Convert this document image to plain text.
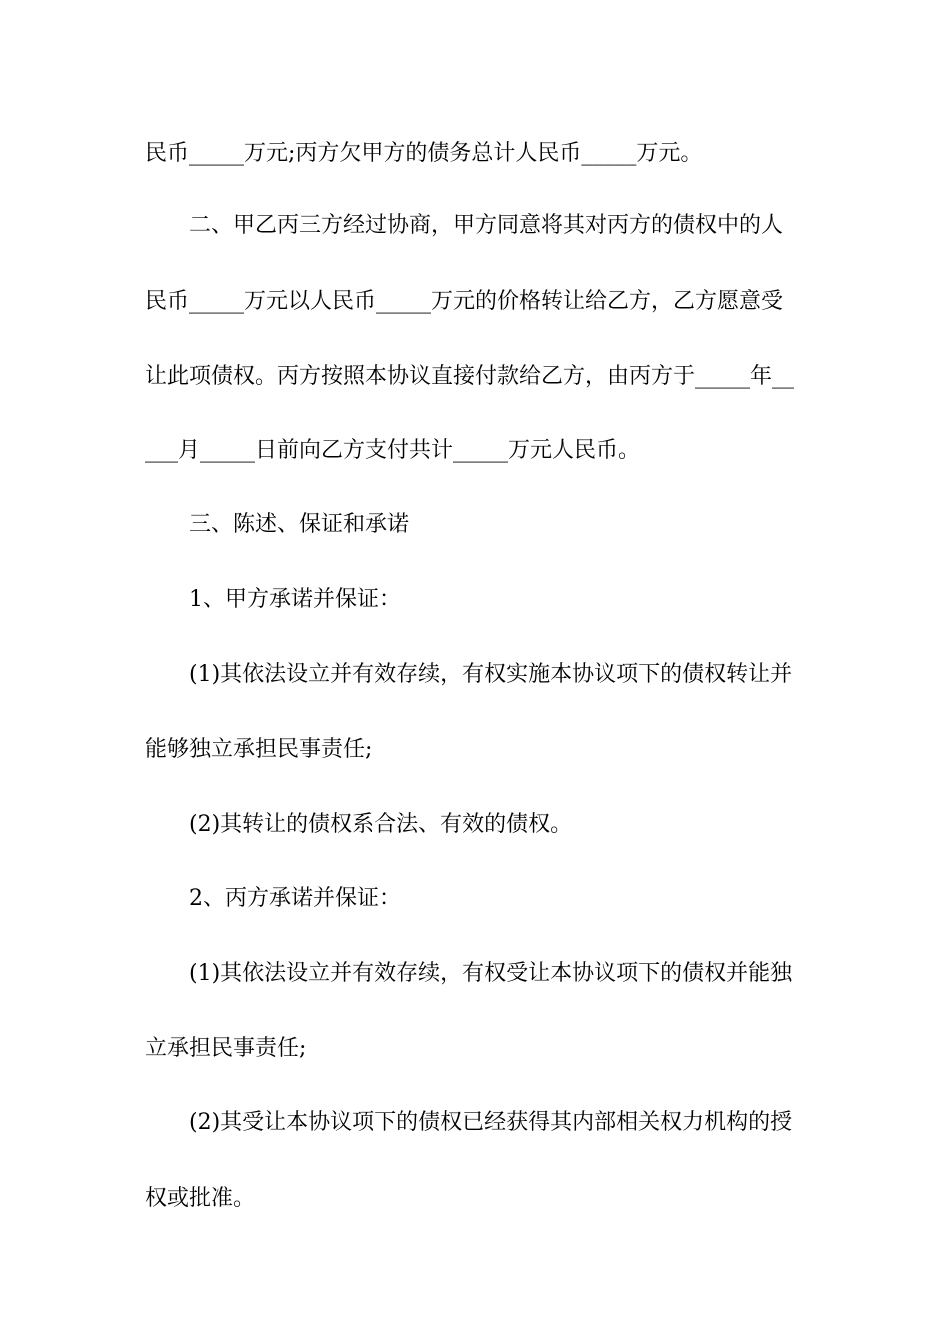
民币_____万元;丙方欠甲方的债务总计人民币_____万元。
二、甲乙丙三方经过协商，甲方同意将其对丙方的债权中的人
民币_____万元以人民币_____万元的价格转让给乙方，乙方愿意受
让此项债权。丙方按照本协议直接付款给乙方，由丙方于_____年__
___月_____日前向乙方支付共计_____万元人民币。
三、陈述、保证和承诺
1、甲方承诺并保证：
(1)其依法设立并有效存续，有权实施本协议项下的债权转让并
能够独立承担民事责任;
(2)其转让的债权系合法、有效的债权。
2、丙方承诺并保证：
(1)其依法设立并有效存续，有权受让本协议项下的债权并能独
立承担民事责任;
(2)其受让本协议项下的债权已经获得其内部相关权力机构的授
权或批准。
